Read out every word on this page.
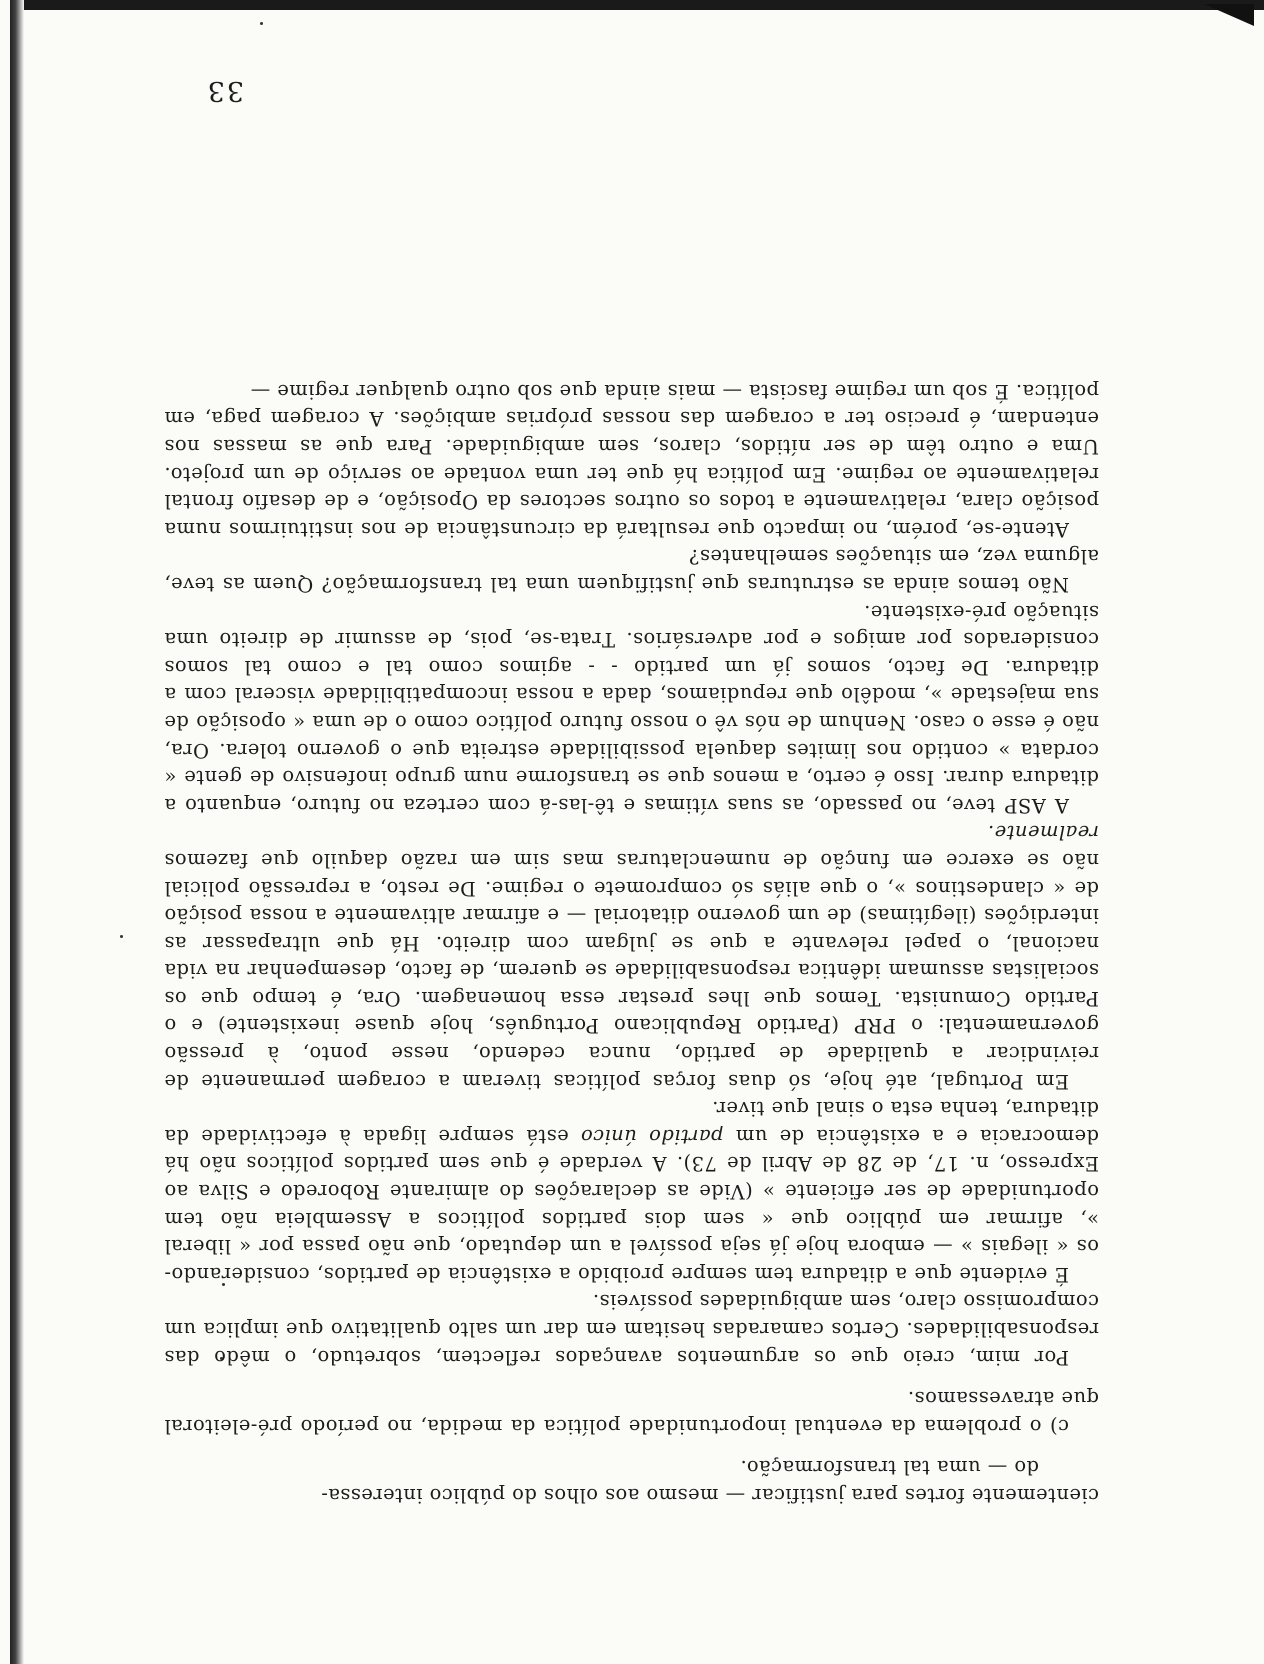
cientemente fortes para justificar — mesmo aos olhos do público interessa-
do — uma tal transformação.

c) o problema da eventual inoportunidade política da medida, no período pré-eleitoral que atravessamos.

Por mim, creio que os argumentos avançados reflectem, sobretudo, o mêdo das responsabilidades. Certos camaradas hesitam em dar um salto qualitativo que implica um compromisso claro, sem ambiguidades possíveis.

É evidente que a ditadura tem sempre proibido a existência de partidos, considerando-os « ilegais » — embora hoje já seja possível a um deputado, que não passa por « liberal », afirmar em público que « sem dois partidos políticos a Assembleia não tem oportunidade de ser eficiente » (Vide as declarações do almirante Roboredo e Silva ao Expresso, n. 17, de 28 de Abril de 73). A verdade é que sem partidos políticos não há democracia e a existência de um partido único está sempre ligada à efectividade da ditadura, tenha esta o sinal que tiver.

Em Portugal, até hoje, só duas forças políticas tiveram a coragem permanente de reivindicar a qualidade de partido, nunca cedendo, nesse ponto, à pressão governamental: o PRP (Partido Republicano Português, hoje quase inexistente) e o Partido Comunista. Temos que lhes prestar essa homenagem. Ora, é tempo que os socialistas assumam idêntica responsabilidade se querem, de facto, desempenhar na vida nacional, o papel relevante a que se julgam com direito. Há que ultrapassar as interdições (ilegítimas) de um governo ditatorial — e afirmar altivamente a nossa posição de « clandestinos », o que aliás só compromete o regime. De resto, a repressão policial não se exerce em função de numenclaturas mas sim em razão daquilo que fazemos realmente.

A ASP teve, no passado, as suas vítimas e tê-las-á com certeza no futuro, enquanto a ditadura durar. Isso é certo, a menos que se transforme num grupo inofensivo de gente « cordata » contido nos limites daquela possibilidade estreita que o governo tolera. Ora, não é esse o caso. Nenhum de nós vê o nosso futuro político como o de uma « oposição de sua majestade », modêlo que repudiamos, dada a nossa incompatibilidade visceral com a ditadura. De facto, somos já um partido - - agimos como tal e como tal somos considerados por amigos e por adversários. Trata-se, pois, de assumir de direito uma situação pré-existente.

Não temos ainda as estruturas que justifiquem uma tal transformação? Quem as teve, alguma vez, em situações semelhantes?

Atente-se, porém, no impacto que resultará da circunstância de nos instituirmos numa posição clara, relativamente a todos os outros sectores da Oposição, e de desafio frontal relativamente ao regime. Em política há que ter uma vontade ao serviço de um projeto. Uma e outro têm de ser nítidos, claros, sem ambiguidade. Para que as massas nos entendam, é preciso ter a coragem das nossas próprias ambições. A coragem paga, em política. É sob um regime fascista — mais ainda que sob outro qualquer regime —

33
